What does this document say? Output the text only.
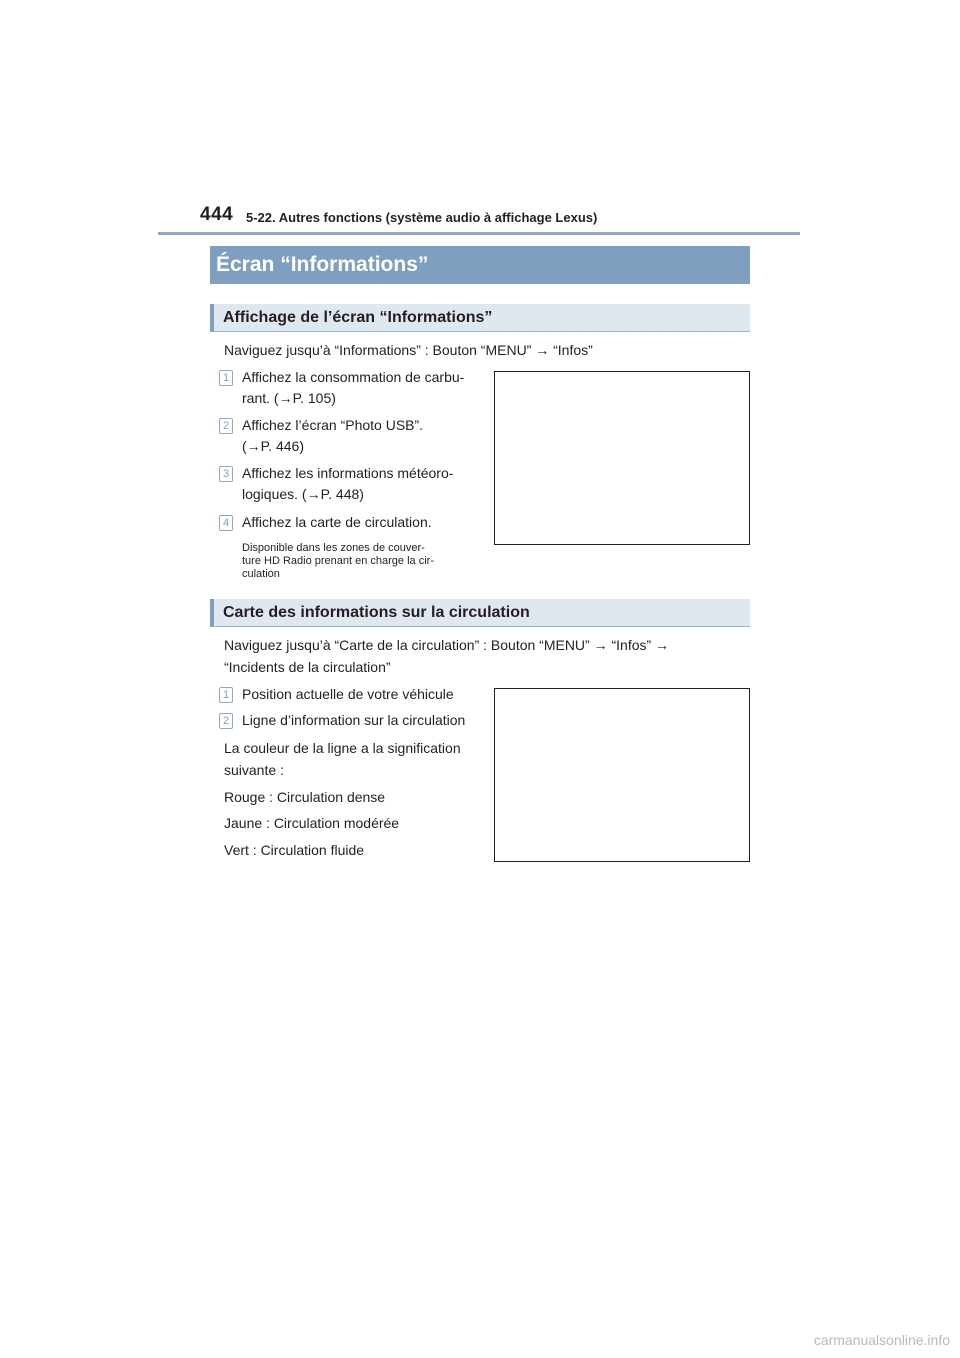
444 5-22. Autres fonctions (système audio à affichage Lexus)
Écran “Informations”
Affichage de l’écran “Informations”
Naviguez jusqu’à “Informations” : Bouton “MENU” → “Infos”
1 Affichez la consommation de carbu-
rant. (→P. 105)
2 Affichez l’écran “Photo USB”.
(→P. 446)
3 Affichez les informations météoro-
logiques. (→P. 448)
4 Affichez la carte de circulation.
Disponible dans les zones de couver-
ture HD Radio prenant en charge la cir-
culation
Carte des informations sur la circulation
Naviguez jusqu’à “Carte de la circulation” : Bouton “MENU” → “Infos” →
“Incidents de la circulation”
1 Position actuelle de votre véhicule
2 Ligne d’information sur la circulation
La couleur de la ligne a la signification
suivante :
Rouge : Circulation dense
Jaune : Circulation modérée
Vert : Circulation fluide
carmanualsonline.info
